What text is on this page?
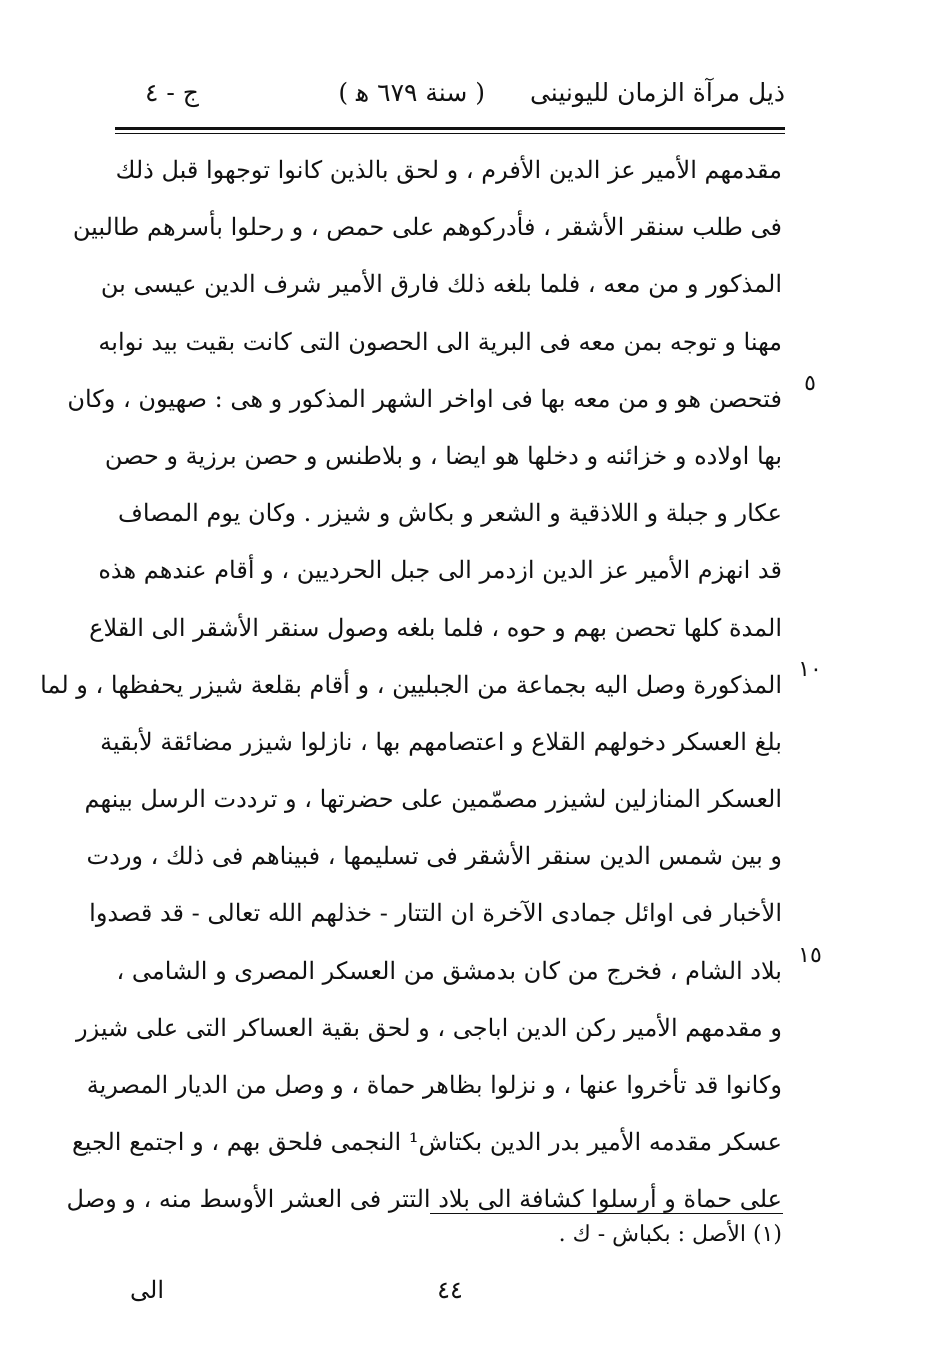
ذيل مرآة الزمان لليونينى
( سنة ٦٧٩ ﻫ )
ج - ٤
مقدمهم الأمير عز الدين الأفرم ، و لحق بالذين كانوا توجهوا قبل ذلك
فى طلب سنقر الأشقر ، فأدركوهم على حمص ، و رحلوا بأسرهم طالبين
المذكور و من معه ، فلما بلغه ذلك فارق الأمير شرف الدين عيسى بن
مهنا و توجه بمن معه فى البرية الى الحصون التى كانت بقيت بيد نوابه
فتحصن هو و من معه بها فى اواخر الشهر المذكور و هى : صهيون ، وكان
بها اولاده و خزائنه و دخلها هو ايضا ، و بلاطنس و حصن برزية و حصن
عكار و جبلة و اللاذقية و الشعر و بكاش و شيزر . وكان يوم المصاف
قد انهزم الأمير عز الدين ازدمر الى جبل الحرديين ، و أقام عندهم هذه
المدة كلها تحصن بهم و حوه ، فلما بلغه وصول سنقر الأشقر الى القلاع
المذكورة وصل اليه بجماعة من الجبليين ، و أقام بقلعة شيزر يحفظها ، و لما
بلغ العسكر دخولهم القلاع و اعتصامهم بها ، نازلوا شيزر مضائقة لأبقية
العسكر المنازلين لشيزر مصمّمين على حضرتها ، و ترددت الرسل بينهم
و بين شمس الدين سنقر الأشقر فى تسليمها ، فبيناهم فى ذلك ، وردت
الأخبار فى اوائل جمادى الآخرة ان التتار - خذلهم الله تعالى - قد قصدوا
بلاد الشام ، فخرج من كان بدمشق من العسكر المصرى و الشامى ،
و مقدمهم الأمير ركن الدين اباجى ، و لحق بقية العساكر التى على شيزر
وكانوا قد تأخروا عنها ، و نزلوا بظاهر حماة ، و وصل من الديار المصرية
عسكر مقدمه الأمير بدر الدين بكتاش¹ النجمى فلحق بهم ، و اجتمع الجيع
على حماة و أرسلوا كشافة الى بلاد التتر فى العشر الأوسط منه ، و وصل
٥
١٠
١٥
(١) الأصل : بكباش - ك .
٤٤
الى
